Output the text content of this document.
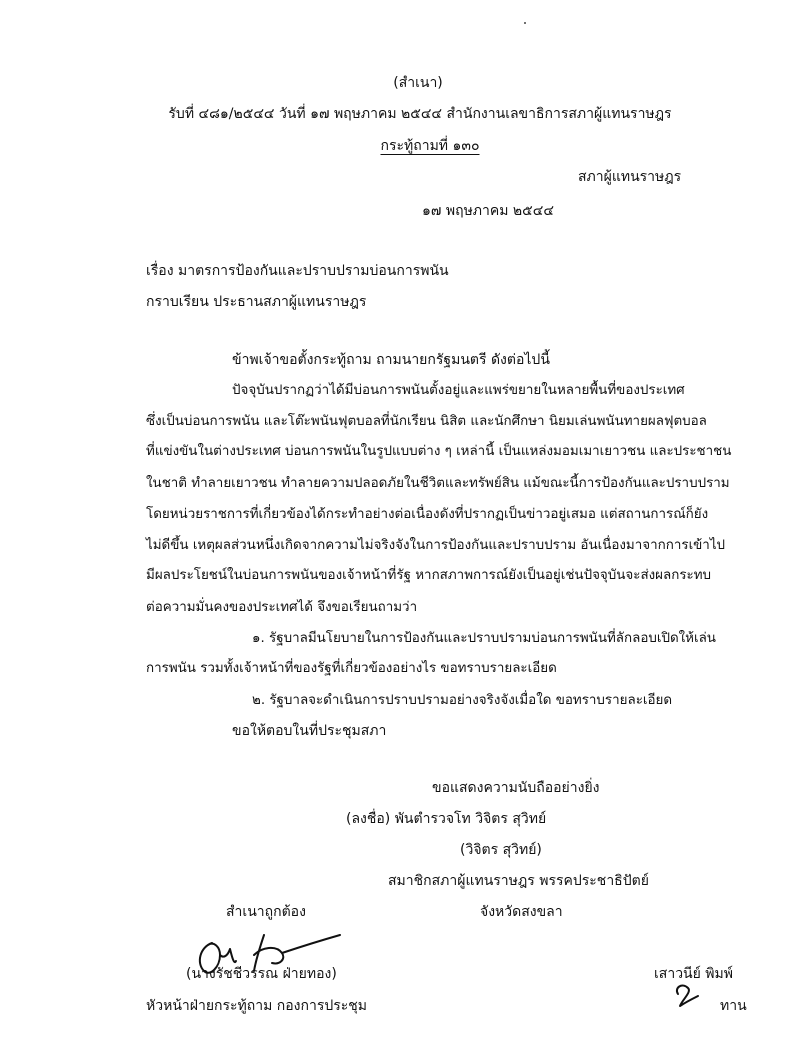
(สำเนา)
รับที่ ๔๘๑/๒๕๔๔ วันที่ ๑๗ พฤษภาคม ๒๕๔๔ สำนักงานเลขาธิการสภาผู้แทนราษฎร
กระทู้ถามที่ ๑๓๐
สภาผู้แทนราษฎร
๑๗ พฤษภาคม ๒๕๔๔
เรื่อง มาตรการป้องกันและปราบปรามบ่อนการพนัน
กราบเรียน ประธานสภาผู้แทนราษฎร
ข้าพเจ้าขอตั้งกระทู้ถาม ถามนายกรัฐมนตรี ดังต่อไปนี้
ปัจจุบันปรากฏว่าได้มีบ่อนการพนันตั้งอยู่และแพร่ขยายในหลายพื้นที่ของประเทศ
ซึ่งเป็นบ่อนการพนัน และโต๊ะพนันฟุตบอลที่นักเรียน นิสิต และนักศึกษา นิยมเล่นพนันทายผลฟุตบอล
ที่แข่งขันในต่างประเทศ บ่อนการพนันในรูปแบบต่าง ๆ เหล่านี้ เป็นแหล่งมอมเมาเยาวชน และประชาชน
ในชาติ ทำลายเยาวชน ทำลายความปลอดภัยในชีวิตและทรัพย์สิน แม้ขณะนี้การป้องกันและปราบปราม
โดยหน่วยราชการที่เกี่ยวข้องได้กระทำอย่างต่อเนื่องดังที่ปรากฏเป็นข่าวอยู่เสมอ แต่สถานการณ์ก็ยัง
ไม่ดีขึ้น เหตุผลส่วนหนึ่งเกิดจากความไม่จริงจังในการป้องกันและปราบปราม อันเนื่องมาจากการเข้าไป
มีผลประโยชน์ในบ่อนการพนันของเจ้าหน้าที่รัฐ หากสภาพการณ์ยังเป็นอยู่เช่นปัจจุบันจะส่งผลกระทบ
ต่อความมั่นคงของประเทศได้ จึงขอเรียนถามว่า
๑. รัฐบาลมีนโยบายในการป้องกันและปราบปรามบ่อนการพนันที่ลักลอบเปิดให้เล่น
การพนัน รวมทั้งเจ้าหน้าที่ของรัฐที่เกี่ยวข้องอย่างไร ขอทราบรายละเอียด
๒. รัฐบาลจะดำเนินการปราบปรามอย่างจริงจังเมื่อใด ขอทราบรายละเอียด
ขอให้ตอบในที่ประชุมสภา
ขอแสดงความนับถืออย่างยิ่ง
(ลงชื่อ) พันตำรวจโท วิจิตร สุวิทย์
(วิจิตร สุวิทย์)
สมาชิกสภาผู้แทนราษฎร พรรคประชาธิปัตย์
จังหวัดสงขลา
สำเนาถูกต้อง
(นางรัชชีวรรณ ฝ่ายทอง)
หัวหน้าฝ่ายกระทู้ถาม กองการประชุม
เสาวนีย์ พิมพ์
ทาน
